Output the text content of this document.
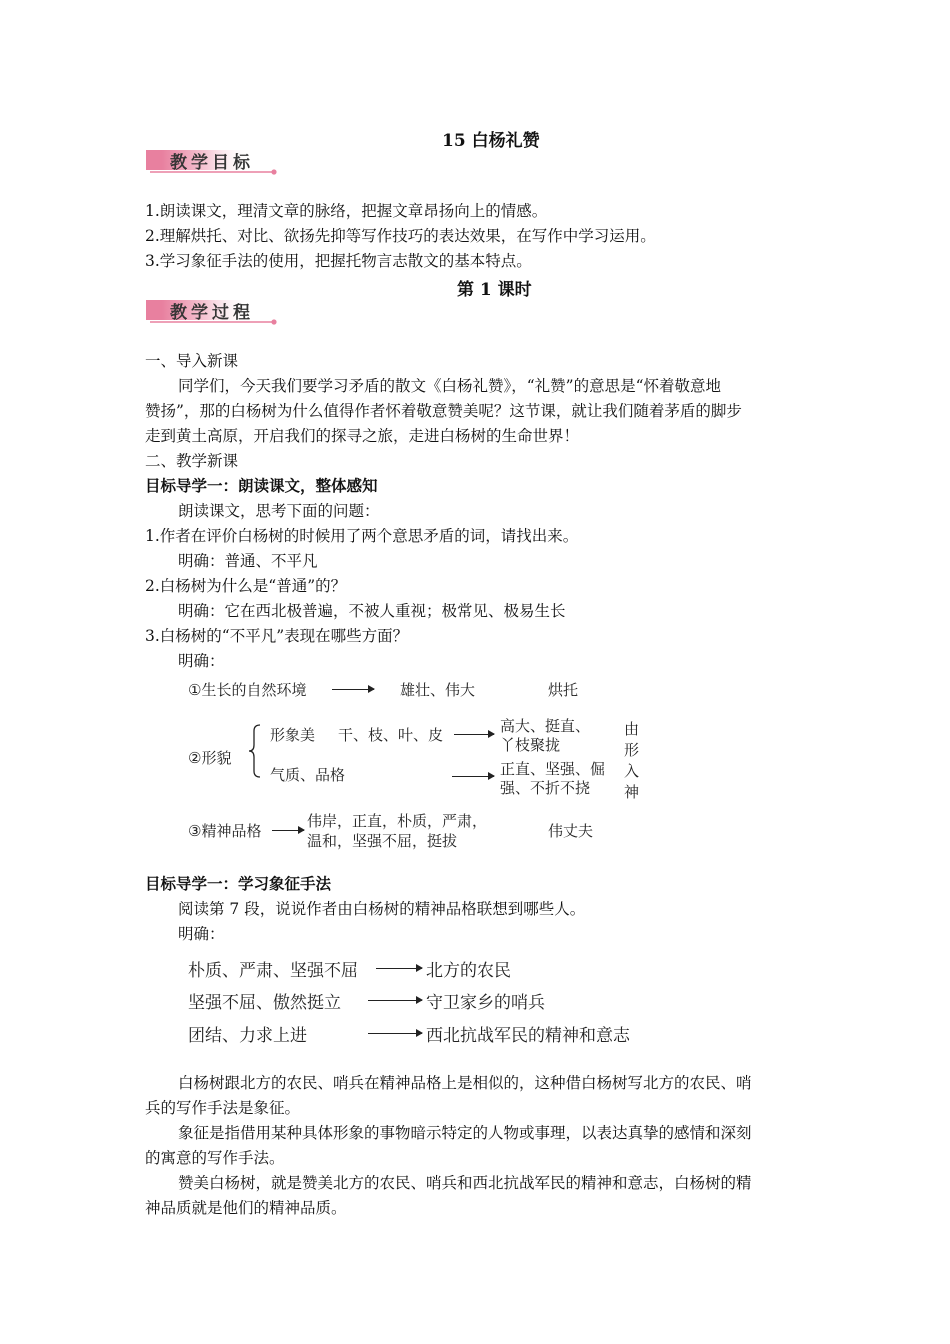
15 白杨礼赞
教学目标
1.朗读课文，理清文章的脉络，把握文章昂扬向上的情感。
2.理解烘托、对比、欲扬先抑等写作技巧的表达效果，在写作中学习运用。
3.学习象征手法的使用，把握托物言志散文的基本特点。
第 1 课时
教学过程
一、导入新课
同学们，今天我们要学习矛盾的散文《白杨礼赞》，“礼赞”的意思是“怀着敬意地
赞扬”，那的白杨树为什么值得作者怀着敬意赞美呢？这节课，就让我们随着茅盾的脚步
走到黄土高原，开启我们的探寻之旅，走进白杨树的生命世界！
二、教学新课
目标导学一：朗读课文，整体感知
朗读课文，思考下面的问题：
1.作者在评价白杨树的时候用了两个意思矛盾的词，请找出来。
明确：普通、不平凡
2.白杨树为什么是“普通”的？
明确：它在西北极普遍，不被人重视；极常见、极易生长
3.白杨树的“不平凡”表现在哪些方面？
明确：
①生长的自然环境	雄壮、伟大	烘托
②形貌
形象美 干、枝、叶、皮	高大、挺直、
丫枝聚拢
气质、品格	正直、坚强、倔
强、不折不挠
由
形
入
神
③精神品格
伟岸，正直，朴质，严肃，
温和，坚强不屈，挺拔
伟丈夫
目标导学一：学习象征手法
阅读第 7 段，说说作者由白杨树的精神品格联想到哪些人。
明确：
朴质、严肃、坚强不屈	北方的农民
坚强不屈、傲然挺立	守卫家乡的哨兵
团结、力求上进	西北抗战军民的精神和意志
白杨树跟北方的农民、哨兵在精神品格上是相似的，这种借白杨树写北方的农民、哨
兵的写作手法是象征。
象征是指借用某种具体形象的事物暗示特定的人物或事理，以表达真挚的感情和深刻
的寓意的写作手法。
赞美白杨树，就是赞美北方的农民、哨兵和西北抗战军民的精神和意志，白杨树的精
神品质就是他们的精神品质。
